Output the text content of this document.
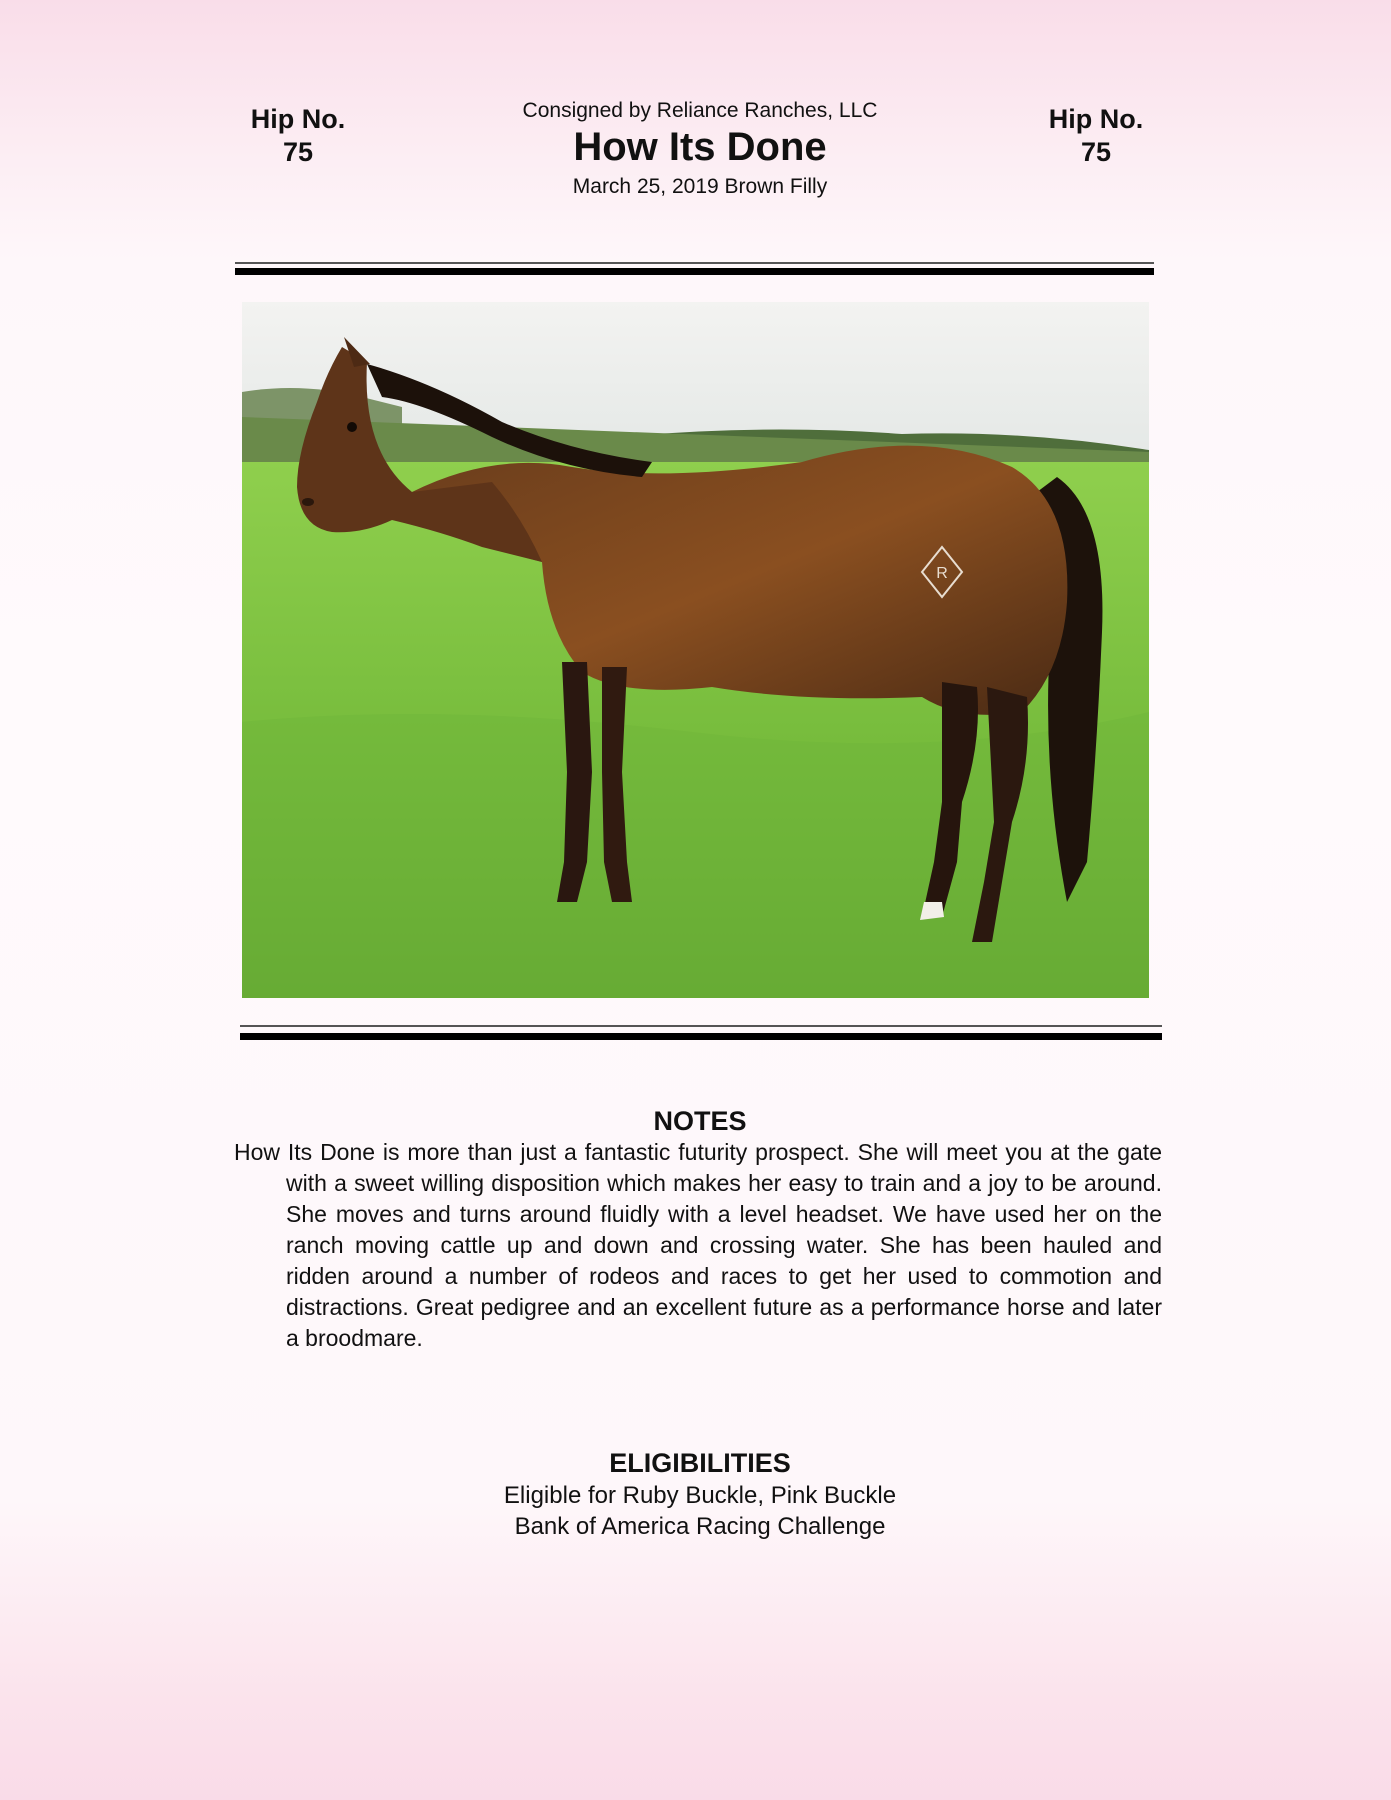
Hip No.
75
Consigned by Reliance Ranches, LLC
How Its Done
March 25, 2019 Brown Filly
Hip No.
75
R
NOTES

How Its Done is more than just a fantastic futurity prospect. She will meet you at the gate with a sweet willing disposition which makes her easy to train and a joy to be around. She moves and turns around fluidly with a level headset. We have used her on the ranch moving cattle up and down and crossing water. She has been hauled and ridden around a number of rodeos and races to get her used to commotion and distractions. Great pedigree and an excellent future as a performance horse and later a broodmare.

ELIGIBILITIES
Eligible for Ruby Buckle, Pink Buckle
Bank of America Racing Challenge
